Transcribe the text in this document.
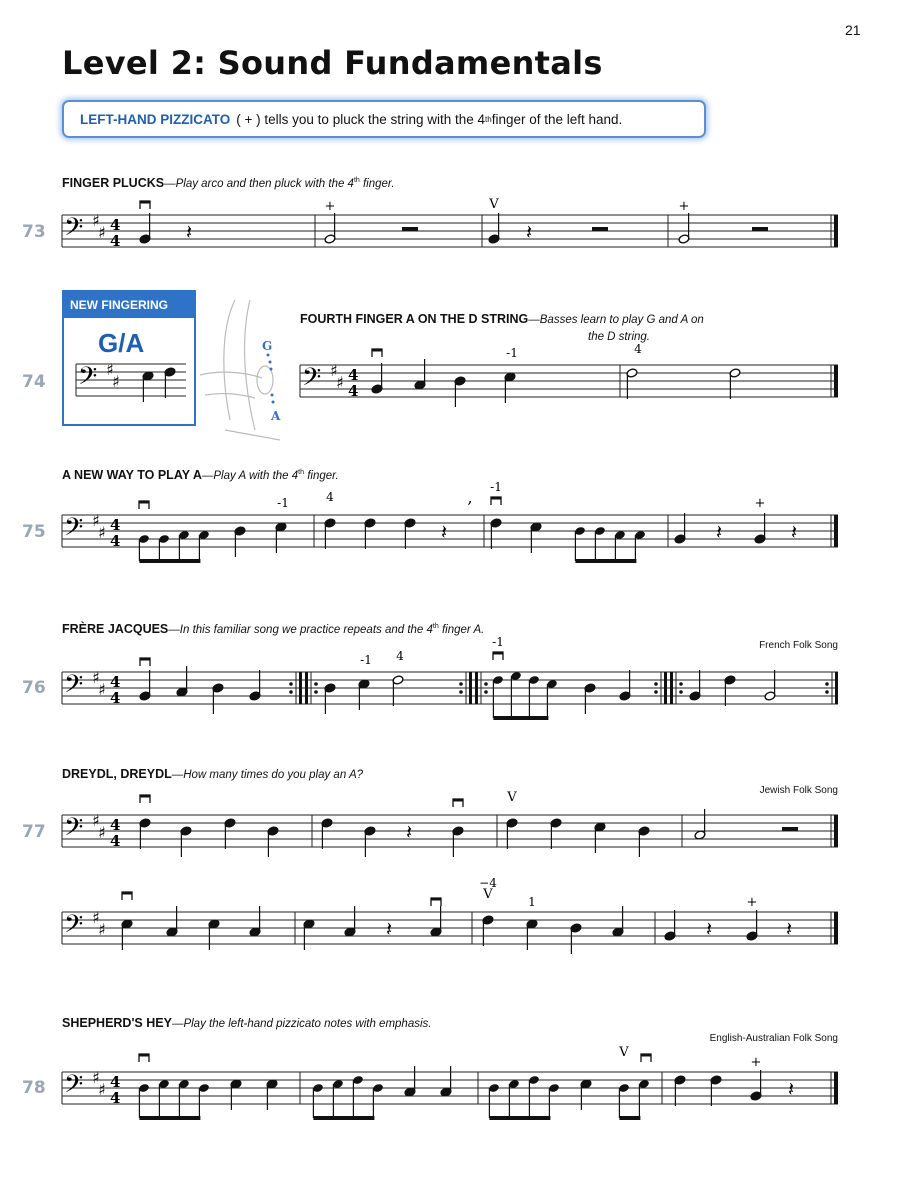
21
Level 2: Sound Fundamentals
LEFT-HAND PIZZICATO ( + )
tells you to pluck the string with the 4 th finger of the left hand.
FINGER PLUCKS—Play arco and then pluck with the 4th finger.
FOURTH FINGER A ON THE D STRING—Basses learn to play G and A on
the D string.
A NEW WAY TO PLAY A—Play A with the 4th finger.
FRÈRE JACQUES—In this familiar song we practice repeats and the 4th finger A.
French Folk Song
DREYDL, DREYDL—How many times do you play an A?
Jewish Folk Song
SHEPHERD'S HEY—Play the left-hand pizzicato notes with emphasis.
English-Australian Folk Song
73
74
75
76
77
78
NEW FINGERING
G/A
𝄢 ♯
♯ 4
4	𝄽
+	V
𝄽
+
𝄢 ♯
♯	𝄢 ♯
♯ 4
4
-1	4
𝄢 ♯
♯ 4
4
-1	4
𝄽
,
-1
𝄽
+
𝄽
𝄢 ♯
♯ 4
4
-1 4
-1
𝄢 ♯
♯ 4
4	𝄽
V
𝄢 ♯
♯	𝄽
V
−4
1
𝄽
+
𝄽
𝄢 ♯
♯ 4
4
V
+
𝄽
G
A
